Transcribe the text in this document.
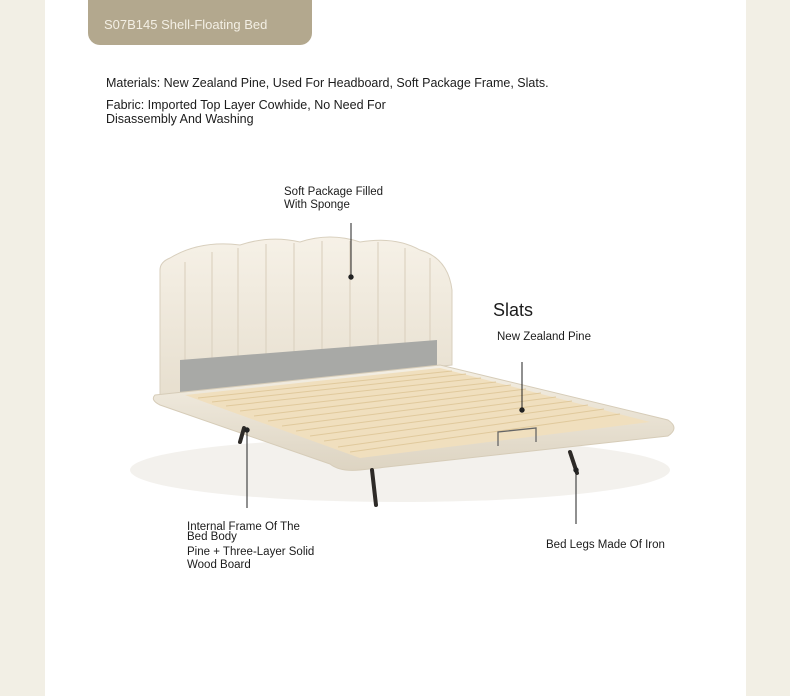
S07B145 Shell-Floating Bed
Materials: New Zealand Pine, Used For Headboard, Soft Package Frame, Slats.
Fabric: Imported Top Layer Cowhide, No Need For Disassembly And Washing
Soft Package Filled
With Sponge
Slats
New Zealand Pine
Internal Frame Of The
Bed Body
Pine + Three-Layer Solid
Wood Board
Bed Legs Made Of Iron
